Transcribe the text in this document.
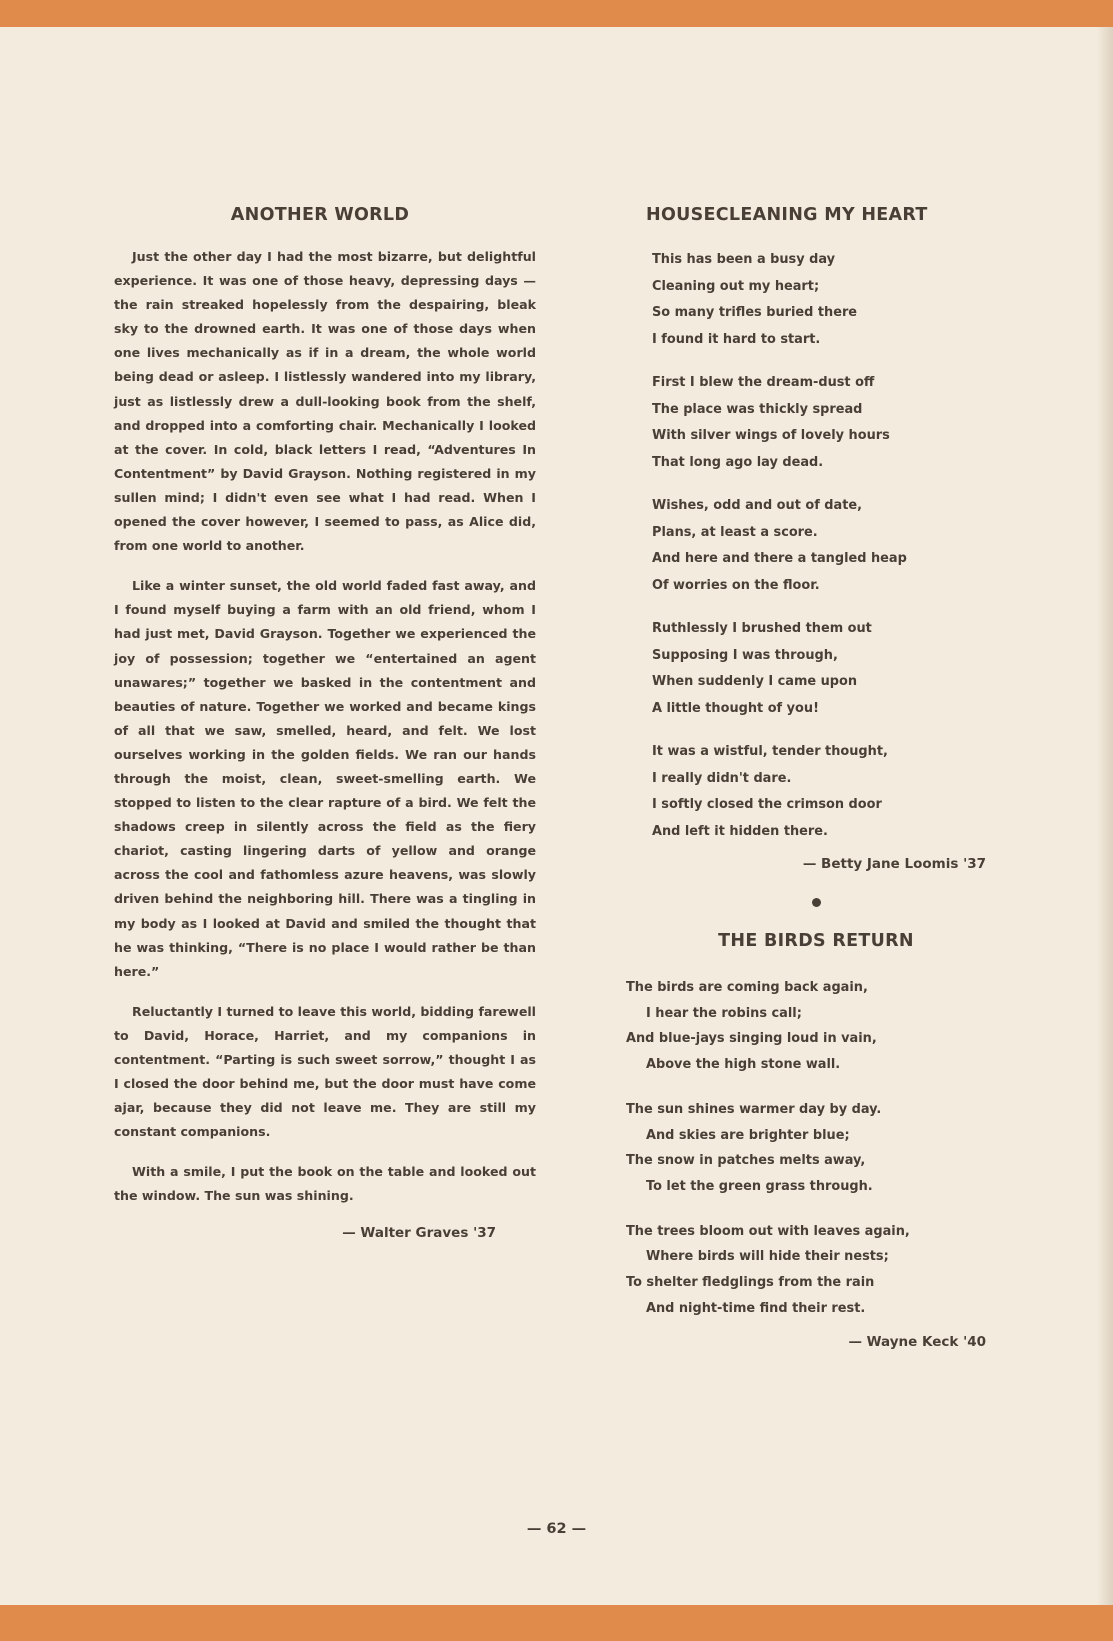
ANOTHER WORLD

Just the other day I had the most bizarre, but delightful experience. It was one of those heavy, depressing days — the rain streaked hopelessly from the despairing, bleak sky to the drowned earth. It was one of those days when one lives mechanically as if in a dream, the whole world being dead or asleep. I listlessly wandered into my library, just as listlessly drew a dull-looking book from the shelf, and dropped into a comforting chair. Mechanically I looked at the cover. In cold, black letters I read, “Adventures In Contentment” by David Grayson. Nothing registered in my sullen mind; I didn't even see what I had read. When I opened the cover however, I seemed to pass, as Alice did, from one world to another.

Like a winter sunset, the old world faded fast away, and I found myself buying a farm with an old friend, whom I had just met, David Grayson. Together we experienced the joy of possession; together we “entertained an agent unawares;” together we basked in the contentment and beauties of nature. Together we worked and became kings of all that we saw, smelled, heard, and felt. We lost ourselves working in the golden fields. We ran our hands through the moist, clean, sweet-smelling earth. We stopped to listen to the clear rapture of a bird. We felt the shadows creep in silently across the field as the fiery chariot, casting lingering darts of yellow and orange across the cool and fathomless azure heavens, was slowly driven behind the neighboring hill. There was a tingling in my body as I looked at David and smiled the thought that he was thinking, “There is no place I would rather be than here.”

Reluctantly I turned to leave this world, bidding farewell to David, Horace, Harriet, and my companions in contentment. “Parting is such sweet sorrow,” thought I as I closed the door behind me, but the door must have come ajar, because they did not leave me. They are still my constant companions.

With a smile, I put the book on the table and looked out the window. The sun was shining.

— Walter Graves '37
HOUSECLEANING MY HEART
This has been a busy day
Cleaning out my heart;
So many trifles buried there
I found it hard to start.
First I blew the dream-dust off
The place was thickly spread
With silver wings of lovely hours
That long ago lay dead.
Wishes, odd and out of date,
Plans, at least a score.
And here and there a tangled heap
Of worries on the floor.
Ruthlessly I brushed them out
Supposing I was through,
When suddenly I came upon
A little thought of you!
It was a wistful, tender thought,
I really didn't dare.
I softly closed the crimson door
And left it hidden there.
— Betty Jane Loomis '37
THE BIRDS RETURN
The birds are coming back again,
I hear the robins call;
And blue-jays singing loud in vain,
Above the high stone wall.
The sun shines warmer day by day.
And skies are brighter blue;
The snow in patches melts away,
To let the green grass through.
The trees bloom out with leaves again,
Where birds will hide their nests;
To shelter fledglings from the rain
And night-time find their rest.
— Wayne Keck '40
— 62 —
